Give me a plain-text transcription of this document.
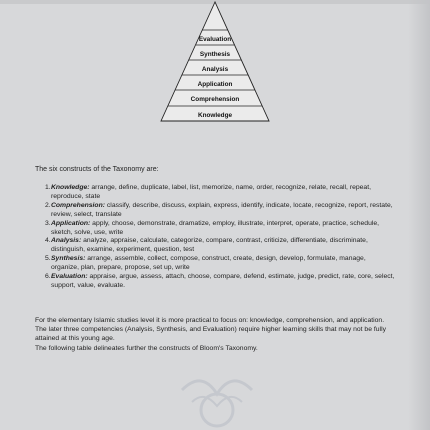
Evaluation
Synthesis
Analysis
Application
Comprehension
Knowledge

The six constructs of the Taxonomy are:

1. Knowledge: arrange, define, duplicate, label, list, memorize, name, order, recognize, relate, recall, repeat, reproduce, state
2. Comprehension: classify, describe, discuss, explain, express, identify, indicate, locate, recognize, report, restate, review, select, translate
3. Application: apply, choose, demonstrate, dramatize, employ, illustrate, interpret, operate, practice, schedule, sketch, solve, use, write
4. Analysis: analyze, appraise, calculate, categorize, compare, contrast, criticize, differentiate, discriminate, distinguish, examine, experiment, question, test
5. Synthesis: arrange, assemble, collect, compose, construct, create, design, develop, formulate, manage, organize, plan, prepare, propose, set up, write
6. Evaluation: appraise, argue, assess, attach, choose, compare, defend, estimate, judge, predict, rate, core, select, support, value, evaluate.

For the elementary Islamic studies level it is more practical to focus on: knowledge, comprehension, and application. The later three competencies (Analysis, Synthesis, and Evaluation) require higher learning skills that may not be fully attained at this young age.

The following table delineates further the constructs of Bloom's Taxonomy.
